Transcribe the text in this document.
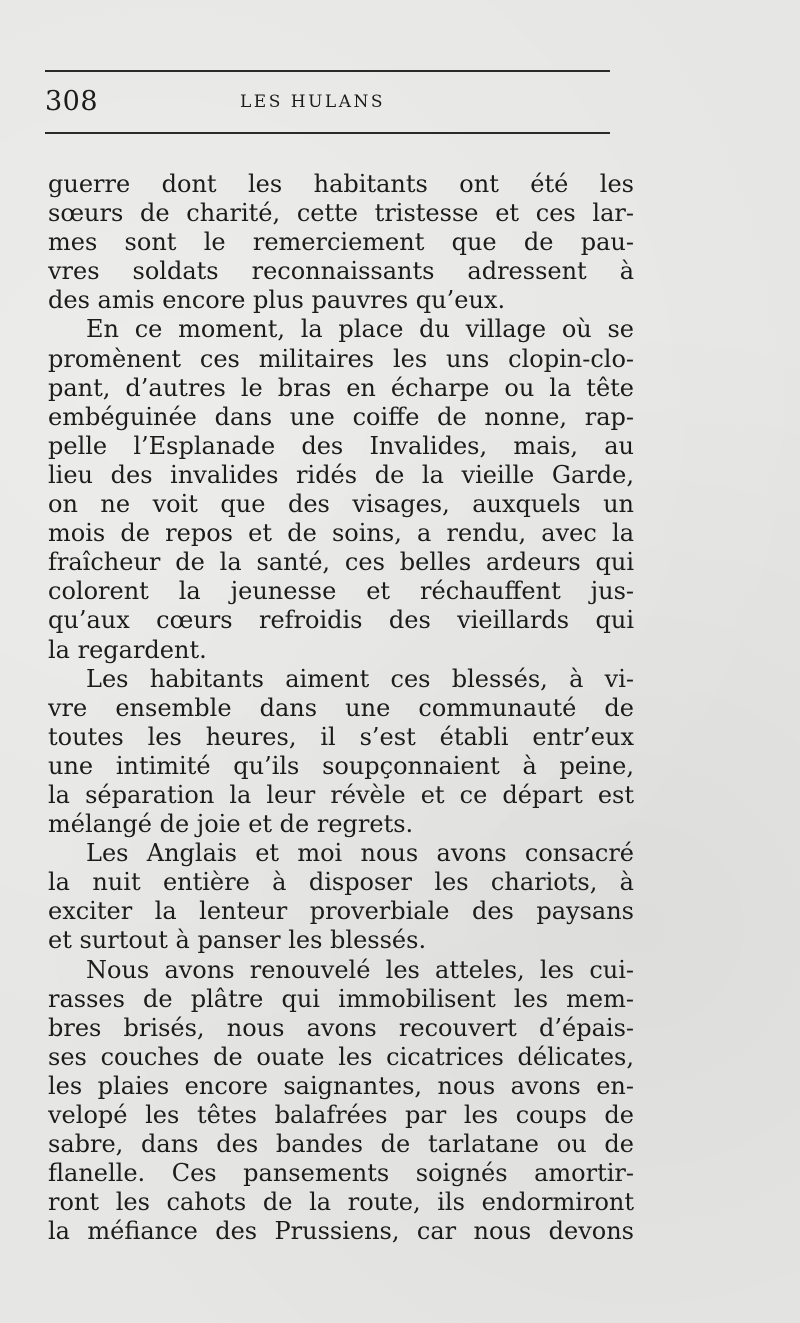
308	LES HULANS
guerre dont les habitants ont été les
sœurs de charité, cette tristesse et ces lar-
mes sont le remerciement que de pau-
vres soldats reconnaissants adressent à
des amis encore plus pauvres qu’eux.
En ce moment, la place du village où se
promènent ces militaires les uns clopin-clo-
pant, d’autres le bras en écharpe ou la tête
embéguinée dans une coiffe de nonne, rap-
pelle l’Esplanade des Invalides, mais, au
lieu des invalides ridés de la vieille Garde,
on ne voit que des visages, auxquels un
mois de repos et de soins, a rendu, avec la
fraîcheur de la santé, ces belles ardeurs qui
colorent la jeunesse et réchauffent jus-
qu’aux cœurs refroidis des vieillards qui
la regardent.
Les habitants aiment ces blessés, à vi-
vre ensemble dans une communauté de
toutes les heures, il s’est établi entr’eux
une intimité qu’ils soupçonnaient à peine,
la séparation la leur révèle et ce départ est
mélangé de joie et de regrets.
Les Anglais et moi nous avons consacré
la nuit entière à disposer les chariots, à
exciter la lenteur proverbiale des paysans
et surtout à panser les blessés.
Nous avons renouvelé les atteles, les cui-
rasses de plâtre qui immobilisent les mem-
bres brisés, nous avons recouvert d’épais-
ses couches de ouate les cicatrices délicates,
les plaies encore saignantes, nous avons en-
velopé les têtes balafrées par les coups de
sabre, dans des bandes de tarlatane ou de
flanelle. Ces pansements soignés amortir-
ront les cahots de la route, ils endormiront
la méfiance des Prussiens, car nous devons
